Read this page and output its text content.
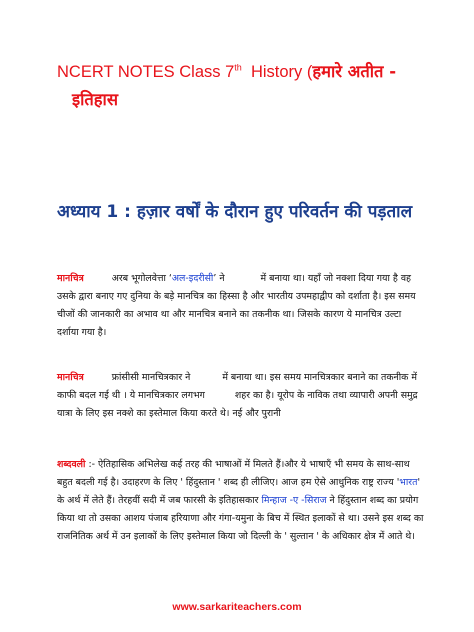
NCERT NOTES Class 7th  History (हमारे अतीत -
इतिहास
अध्याय 1 : हज़ार वर्षों के दौरान हुए परिवर्तन की पड़ताल
मानचित्र	अरब भूगोलवेत्ता ‘अल-इदरीसी’ ने	में बनाया था। यहाँ जो नक्शा दिया गया है वह उसके द्वारा बनाए गए दुनिया के बड़े मानचित्र का हिस्सा है और भारतीय उपमहाद्वीप को दर्शाता है। इस समय चीजों की जानकारी का अभाव था और मानचित्र बनाने का तकनीक था। जिसके कारण ये मानचित्र उल्टा दर्शाया गया है।
मानचित्र	फ्रांसीसी मानचित्रकार ने	में बनाया था। इस समय मानचित्रकार बनाने का तकनीक में काफी बदल गई थी । ये मानचित्रकार लगभग	शहर का है। यूरोप के नाविक तथा व्यापारी अपनी समुद्र यात्रा के लिए इस नक्शे का इस्तेमाल किया करते थे। नई और पुरानी
शब्दवली :- ऐतिहासिक अभिलेख कई तरह की भाषाओं में मिलते हैं।और ये भाषाएँ भी समय के साथ-साथ बहुत बदली गई है। उदाहरण के लिए ' हिंदुस्तान ' शब्द ही लीजिए। आज हम ऐसे आधुनिक राष्ट्र राज्य 'भारत' के अर्थ में लेते हैं। तेरहवीं सदी में जब फारसी के इतिहासकार मिन्हाज -ए -सिराज ने हिंदुस्तान शब्द का प्रयोग किया था तो उसका आशय पंजाब हरियाणा और गंगा-यमुना के बिच में स्थित इलाकों से था। उसने इस शब्द का राजनितिक अर्थ में उन इलाकों के लिए इस्तेमाल किया जो दिल्ली के ' सुल्तान ' के अधिकार क्षेत्र में आते थे।
www.sarkariteachers.com
